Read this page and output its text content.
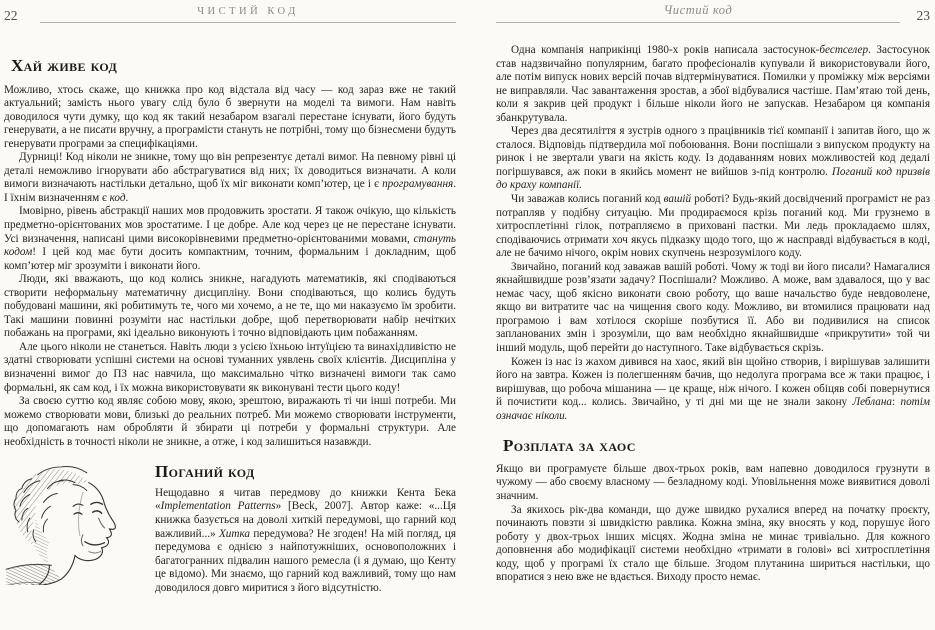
22	ЧИСТИЙ КОД
Хай живе код

Можливо, хтось скаже, що книжка про код відстала від часу — код зараз вже не такий актуальний; замість нього увагу слід було б звернути на моделі та вимоги. Нам навіть доводилося чути думку, що код як такий незабаром взагалі перестане існувати, його будуть генерувати, а не писати вручну, а програмісти стануть не потрібні, тому що бізнесмени будуть генерувати програми за специфікаціями.

Дурниці! Код ніколи не зникне, тому що він репрезентує деталі вимог. На певному рівні ці деталі неможливо ігнорувати або абстрагуватися від них; їх доводиться визначати. А коли вимоги визначають настільки детально, щоб їх міг виконати комп’ютер, це і є програмування. І їхнім визначенням є код.

Імовірно, рівень абстракції наших мов продовжить зростати. Я також очікую, що кількість предметно-орієнтованих мов зростатиме. І це добре. Але код через це не перестане існувати. Усі визначення, написані цими високорівневими предметно-орієнтованими мовами, стануть кодом! І цей код має бути досить компактним, точним, формальним і докладним, щоб комп’ютер міг зрозуміти і виконати його.

Люди, які вважають, що код колись зникне, нагадують математиків, які сподіваються створити неформальну математичну дисципліну. Вони сподіваються, що колись будуть побудовані машини, які робитимуть те, чого ми хочемо, а не те, що ми наказуємо їм зробити. Такі машини повинні розуміти нас настільки добре, щоб перетворювати набір нечітких побажань на програми, які ідеально виконують і точно відповідають цим побажанням.

Але цього ніколи не станеться. Навіть люди з усією їхньою інтуїцією та винахідливістю не здатні створювати успішні системи на основі туманних уявлень своїх клієнтів. Дисципліна у визначенні вимог до ПЗ нас навчила, що максимально чітко визначені вимоги так само формальні, як сам код, і їх можна використовувати як виконувані тести цього коду!

За своєю суттю код являє собою мову, якою, зрештою, виражають ті чи інші потреби. Ми можемо створювати мови, близькі до реальних потреб. Ми можемо створювати інструменти, що допомагають нам обробляти й збирати ці потреби у формальні структури. Але необхідність в точності ніколи не зникне, а отже, і код залишиться назавжди.

Поганий код

Нещодавно я читав передмову до книжки Кента Бека «Implementation Patterns» [Beck, 2007]. Автор каже: «...Ця книжка базується на доволі хиткій передумові, що гарний код важливий...» Хитка передумова? Не згоден! На мій погляд, ця передумова є однією з найпотужніших, основоположних і багатогранних підвалин нашого ремесла (і я думаю, що Кенту це відомо). Ми знаємо, що гарний код важливий, тому що нам доводилося довго миритися з його відсутністю.

Чистий код	23

Одна компанія наприкінці 1980-х років написала застосунок-бестселер. Застосунок став надзвичайно популярним, багато професіоналів купували й використовували його, але потім випуск нових версій почав відтермінуватися. Помилки у проміжку між версіями не виправляли. Час завантаження зростав, а збої відбувалися частіше. Пам’ятаю той день, коли я закрив цей продукт і більше ніколи його не запускав. Незабаром ця компанія збанкрутувала.

Через два десятиліття я зустрів одного з працівників тієї компанії і запитав його, що ж сталося. Відповідь підтвердила мої побоювання. Вони поспішали з випуском продукту на ринок і не звертали уваги на якість коду. Із додаванням нових можливостей код дедалі погіршувався, аж поки в якийсь момент не вийшов з-під контролю. Поганий код призвів до краху компанії.

Чи заважав колись поганий код вашій роботі? Будь-який досвідчений програміст не раз потрапляв у подібну ситуацію. Ми продираємося крізь поганий код. Ми грузнемо в хитросплетінні гілок, потрапляємо в приховані пастки. Ми ледь прокладаємо шлях, сподіваючись отримати хоч якусь підказку щодо того, що ж насправді відбувається в коді, але не бачимо нічого, окрім нових скупчень незрозумілого коду.

Звичайно, поганий код заважав вашій роботі. Чому ж тоді ви його писали? Намагалися якнайшвидше розв’язати задачу? Поспішали? Можливо. А може, вам здавалося, що у вас немає часу, щоб якісно виконати свою роботу, що ваше начальство буде невдоволене, якщо ви витратите час на чищення свого коду. Можливо, ви втомилися працювати над програмою і вам хотілося скоріше позбутися її. Або ви подивилися на список запланованих змін і зрозуміли, що вам необхідно якнайшвидше «прикрутити» той чи інший модуль, щоб перейти до наступного. Таке відбувається скрізь.

Кожен із нас із жахом дивився на хаос, який він щойно створив, і вирішував залишити його на завтра. Кожен із полегшенням бачив, що недолуга програма все ж таки працює, і вирішував, що робоча мішанина — це краще, ніж нічого. І кожен обіцяв собі повернутися й почистити код... колись. Звичайно, у ті дні ми ще не знали закону Леблана: потім означає ніколи.

Розплата за хаос

Якщо ви програмуєте більше двох-трьох років, вам напевно доводилося грузнути в чужому — або своєму власному — безладному коді. Уповільнення може виявитися доволі значним.

За якихось рік-два команди, що дуже швидко рухалися вперед на початку проєкту, починають повзти зі швидкістю равлика. Кожна зміна, яку вносять у код, порушує його роботу у двох-трьох інших місцях. Жодна зміна не минає тривіально. Для кожного доповнення або модифікації системи необхідно «тримати в голові» всі хитросплетіння коду, щоб у програмі їх стало ще більше. Згодом плутанина шириться настільки, що впоратися з нею вже не вдається. Виходу просто немає.
